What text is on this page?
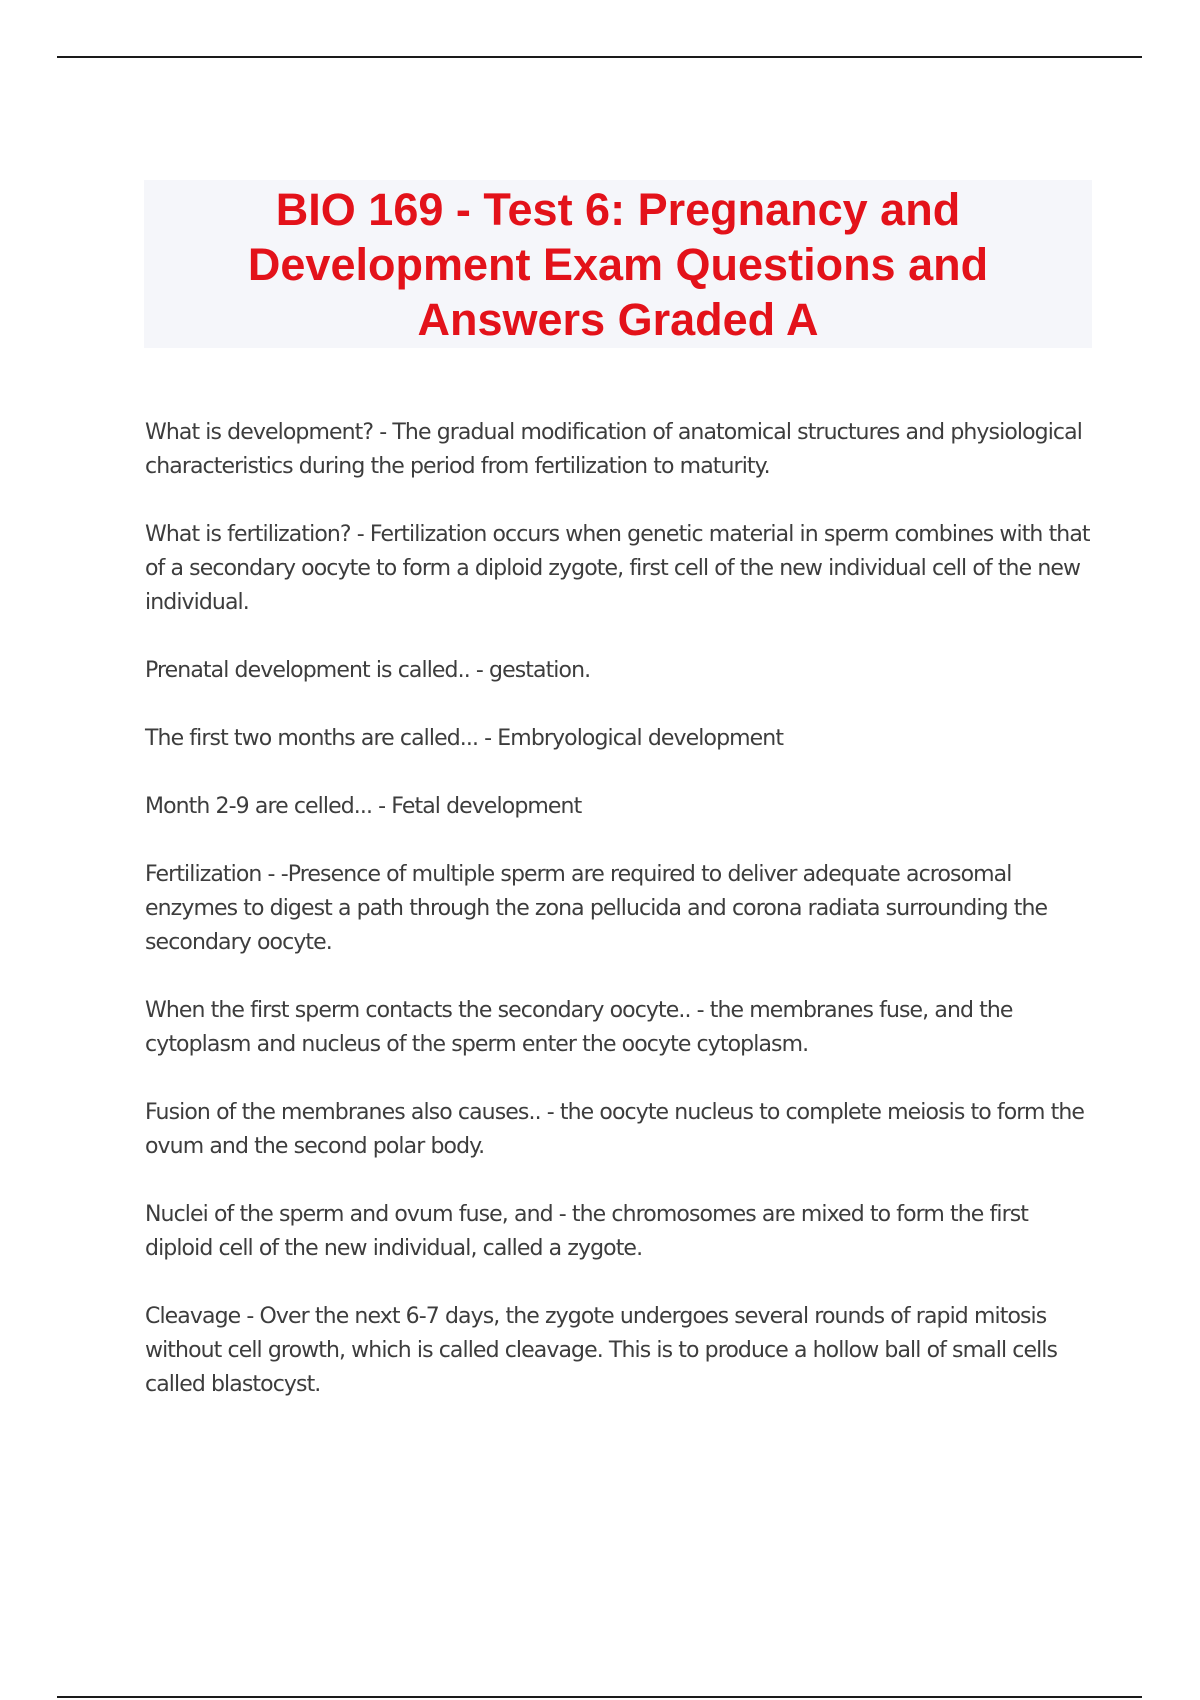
BIO 169 - Test 6: Pregnancy and Development Exam Questions and Answers Graded A
What is development? - The gradual modification of anatomical structures and physiological characteristics during the period from fertilization to maturity.
What is fertilization? - Fertilization occurs when genetic material in sperm combines with that of a secondary oocyte to form a diploid zygote, first cell of the new individual cell of the new individual.
Prenatal development is called.. - gestation.
The first two months are called... - Embryological development
Month 2-9 are celled... - Fetal development
Fertilization - -Presence of multiple sperm are required to deliver adequate acrosomal enzymes to digest a path through the zona pellucida and corona radiata surrounding the secondary oocyte.
When the first sperm contacts the secondary oocyte.. - the membranes fuse, and the cytoplasm and nucleus of the sperm enter the oocyte cytoplasm.
Fusion of the membranes also causes.. - the oocyte nucleus to complete meiosis to form the ovum and the second polar body.
Nuclei of the sperm and ovum fuse, and - the chromosomes are mixed to form the first diploid cell of the new individual, called a zygote.
Cleavage - Over the next 6-7 days, the zygote undergoes several rounds of rapid mitosis without cell growth, which is called cleavage. This is to produce a hollow ball of small cells called blastocyst.
